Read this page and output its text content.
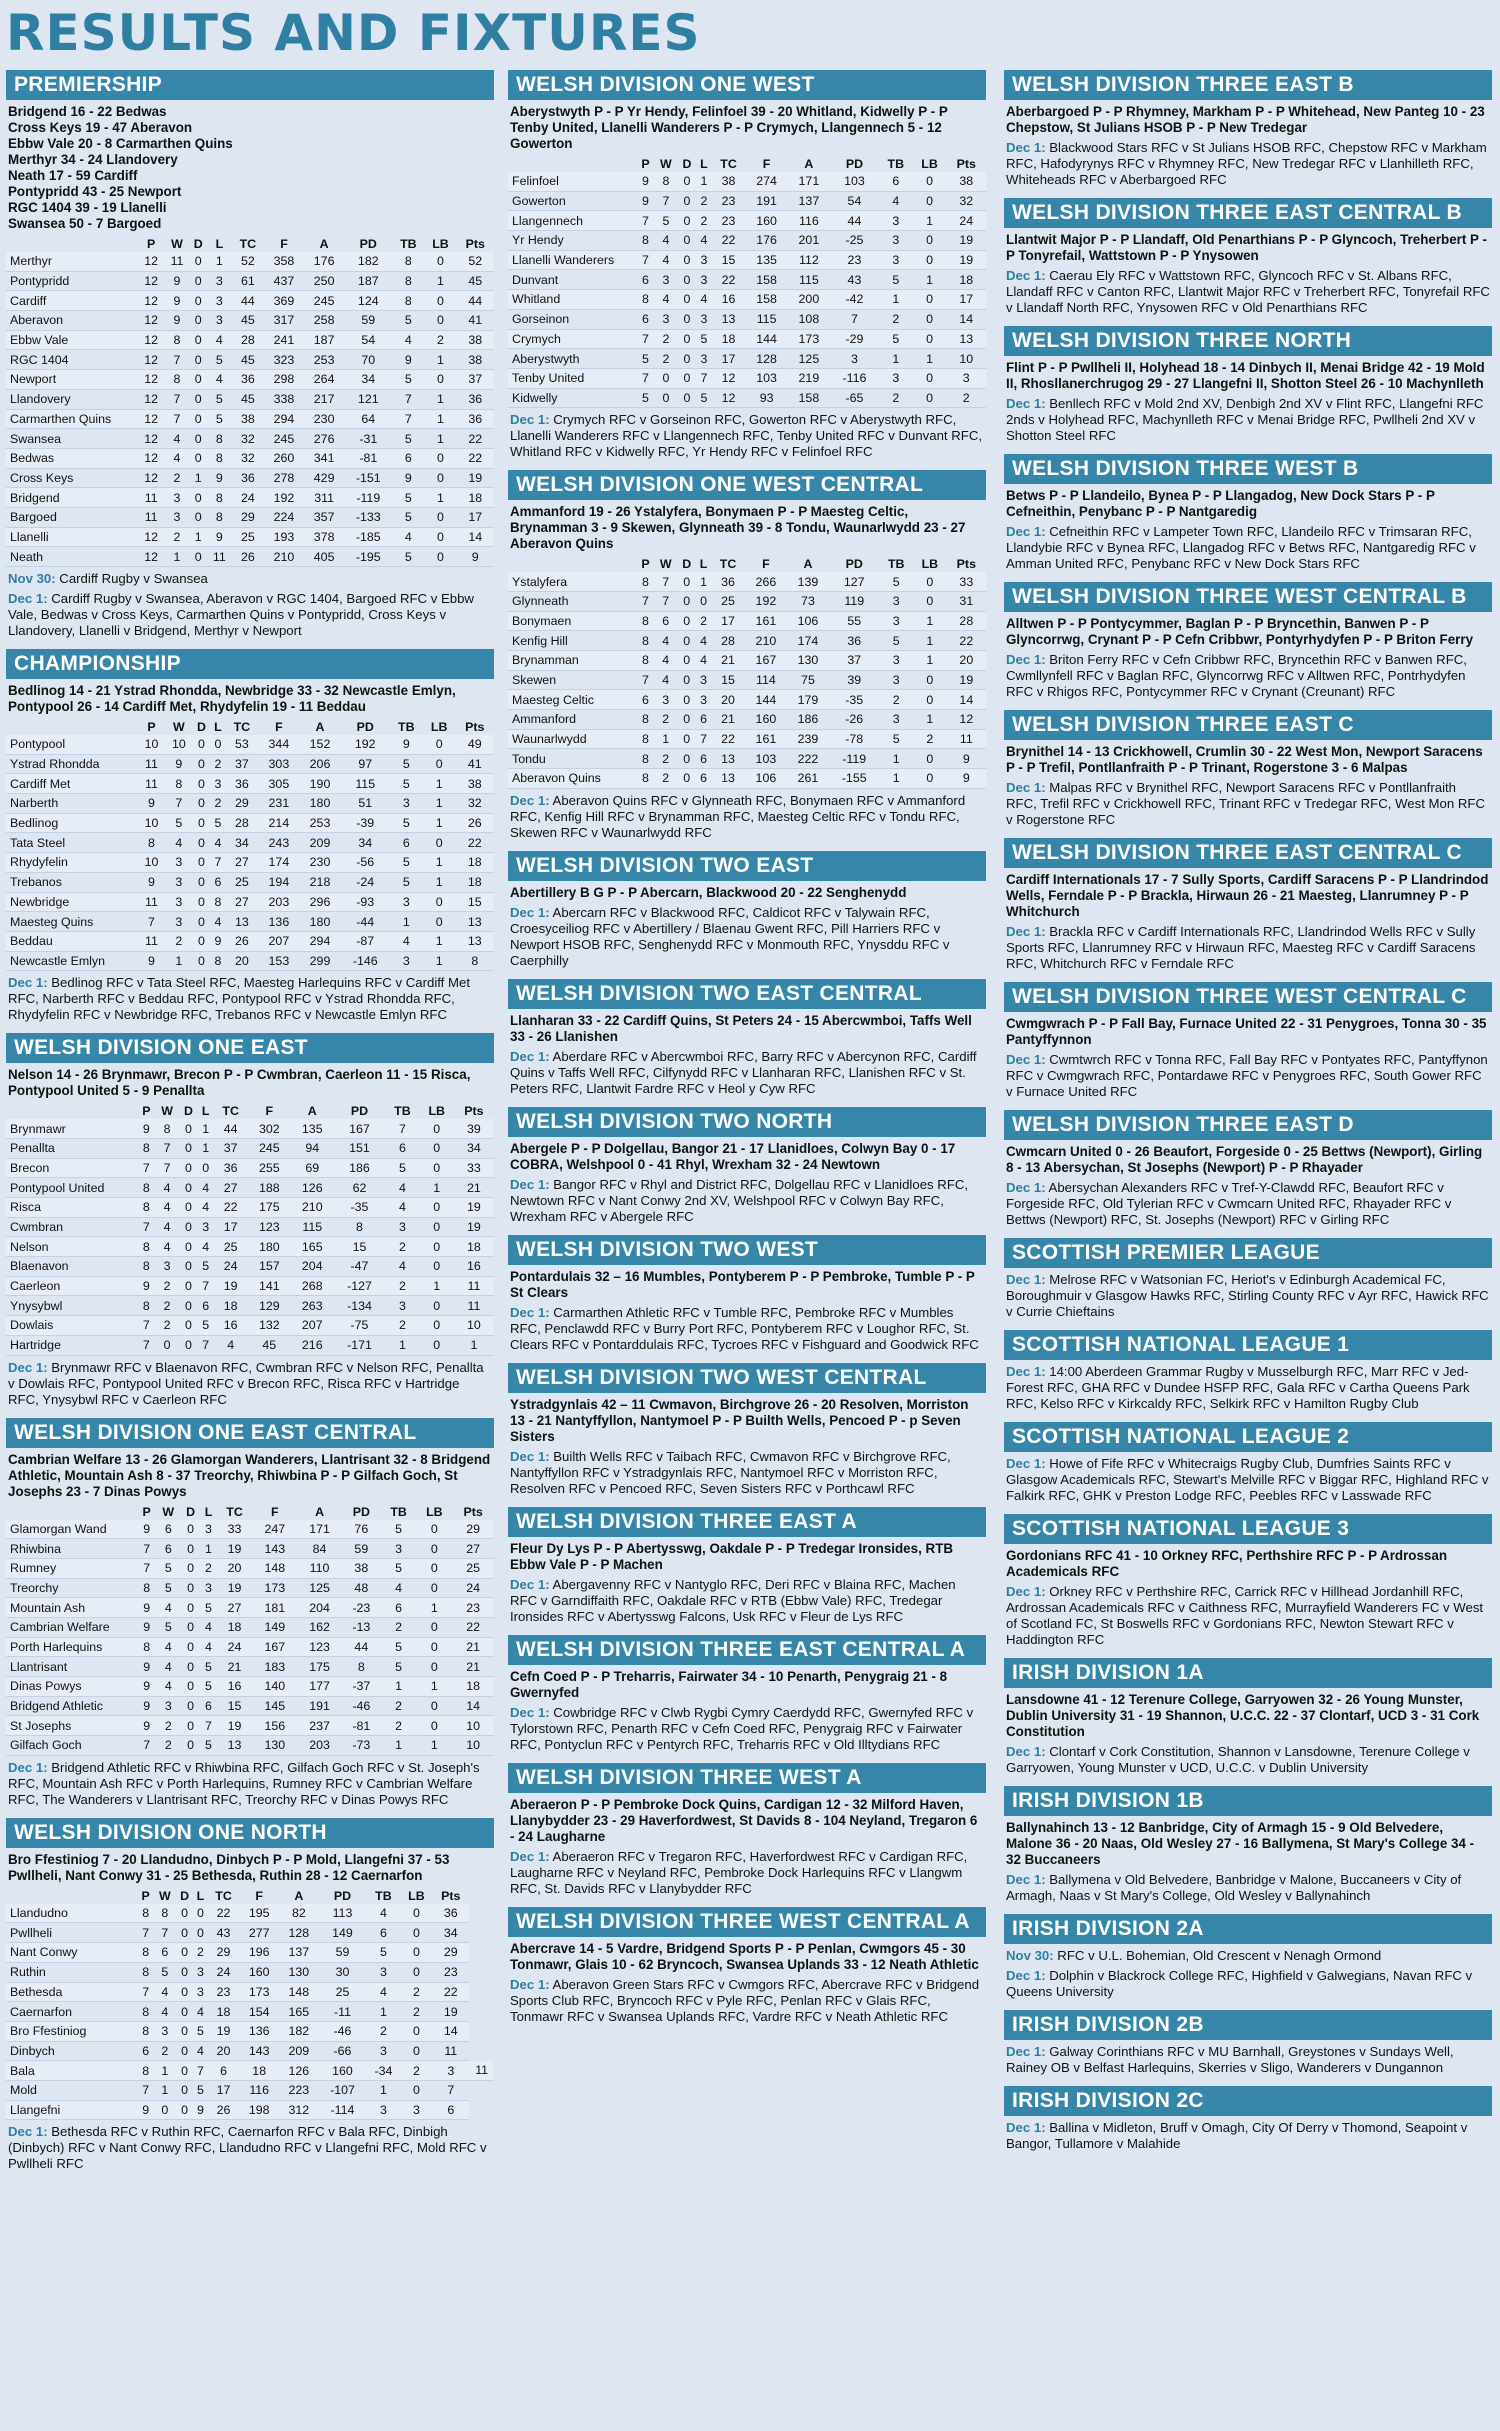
RESULTS AND FIXTURES
PREMIERSHIP
Bridgend 16 - 22 Bedwas
Cross Keys 19 - 47 Aberavon
Ebbw Vale 20 - 8 Carmarthen Quins
Merthyr 34 - 24 Llandovery
Neath 17 - 59 Cardiff
Pontypridd 43 - 25 Newport
RGC 1404 39 - 19 Llanelli
Swansea 50 - 7 Bargoed
	P	W	D	L	TC	F	A	PD	TB	LB	Pts
Merthyr	12	11	0	1	52	358	176	182	8	0	52
Pontypridd	12	9	0	3	61	437	250	187	8	1	45
Cardiff	12	9	0	3	44	369	245	124	8	0	44
Aberavon	12	9	0	3	45	317	258	59	5	0	41
Ebbw Vale	12	8	0	4	28	241	187	54	4	2	38
RGC 1404	12	7	0	5	45	323	253	70	9	1	38
Newport	12	8	0	4	36	298	264	34	5	0	37
Llandovery	12	7	0	5	45	338	217	121	7	1	36
Carmarthen Quins	12	7	0	5	38	294	230	64	7	1	36
Swansea	12	4	0	8	32	245	276	-31	5	1	22
Bedwas	12	4	0	8	32	260	341	-81	6	0	22
Cross Keys	12	2	1	9	36	278	429	-151	9	0	19
Bridgend	11	3	0	8	24	192	311	-119	5	1	18
Bargoed	11	3	0	8	29	224	357	-133	5	0	17
Llanelli	12	2	1	9	25	193	378	-185	4	0	14
Neath	12	1	0	11	26	210	405	-195	5	0	9
Nov 30: Cardiff Rugby v Swansea
Dec 1: Cardiff Rugby v Swansea, Aberavon v RGC 1404, Bargoed RFC v Ebbw Vale, Bedwas v Cross Keys, Carmarthen Quins v Pontypridd, Cross Keys v Llandovery, Llanelli v Bridgend, Merthyr v Newport
CHAMPIONSHIP
Bedlinog 14 - 21 Ystrad Rhondda, Newbridge 33 - 32 Newcastle Emlyn, Pontypool 26 - 14 Cardiff Met, Rhydyfelin 19 - 11 Beddau
	P	W	D	L	TC	F	A	PD	TB	LB	Pts
Pontypool	10	10	0	0	53	344	152	192	9	0	49
Ystrad Rhondda	11	9	0	2	37	303	206	97	5	0	41
Cardiff Met	11	8	0	3	36	305	190	115	5	1	38
Narberth	9	7	0	2	29	231	180	51	3	1	32
Bedlinog	10	5	0	5	28	214	253	-39	5	1	26
Tata Steel	8	4	0	4	34	243	209	34	6	0	22
Rhydyfelin	10	3	0	7	27	174	230	-56	5	1	18
Trebanos	9	3	0	6	25	194	218	-24	5	1	18
Newbridge	11	3	0	8	27	203	296	-93	3	0	15
Maesteg Quins	7	3	0	4	13	136	180	-44	1	0	13
Beddau	11	2	0	9	26	207	294	-87	4	1	13
Newcastle Emlyn	9	1	0	8	20	153	299	-146	3	1	8
Dec 1: Bedlinog RFC v Tata Steel RFC, Maesteg Harlequins RFC v Cardiff Met RFC, Narberth RFC v Beddau RFC, Pontypool RFC v Ystrad Rhondda RFC, Rhydyfelin RFC v Newbridge RFC, Trebanos RFC v Newcastle Emlyn RFC
WELSH DIVISION ONE EAST
Nelson 14 - 26 Brynmawr, Brecon P - P Cwmbran, Caerleon 11 - 15 Risca, Pontypool United 5 - 9 Penallta
	P	W	D	L	TC	F	A	PD	TB	LB	Pts
Brynmawr	9	8	0	1	44	302	135	167	7	0	39
Penallta	8	7	0	1	37	245	94	151	6	0	34
Brecon	7	7	0	0	36	255	69	186	5	0	33
Pontypool United	8	4	0	4	27	188	126	62	4	1	21
Risca	8	4	0	4	22	175	210	-35	4	0	19
Cwmbran	7	4	0	3	17	123	115	8	3	0	19
Nelson	8	4	0	4	25	180	165	15	2	0	18
Blaenavon	8	3	0	5	24	157	204	-47	4	0	16
Caerleon	9	2	0	7	19	141	268	-127	2	1	11
Ynysybwl	8	2	0	6	18	129	263	-134	3	0	11
Dowlais	7	2	0	5	16	132	207	-75	2	0	10
Hartridge	7	0	0	7	4	45	216	-171	1	0	1
Dec 1: Brynmawr RFC v Blaenavon RFC, Cwmbran RFC v Nelson RFC, Penallta v Dowlais RFC, Pontypool United RFC v Brecon RFC, Risca RFC v Hartridge RFC, Ynysybwl RFC v Caerleon RFC
WELSH DIVISION ONE EAST CENTRAL
Cambrian Welfare 13 - 26 Glamorgan Wanderers, Llantrisant 32 - 8 Bridgend Athletic, Mountain Ash 8 - 37 Treorchy, Rhiwbina P - P Gilfach Goch, St Josephs 23 - 7 Dinas Powys
	P	W	D	L	TC	F	A	PD	TB	LB	Pts
Glamorgan Wand	9	6	0	3	33	247	171	76	5	0	29
Rhiwbina	7	6	0	1	19	143	84	59	3	0	27
Rumney	7	5	0	2	20	148	110	38	5	0	25
Treorchy	8	5	0	3	19	173	125	48	4	0	24
Mountain Ash	9	4	0	5	27	181	204	-23	6	1	23
Cambrian Welfare	9	5	0	4	18	149	162	-13	2	0	22
Porth Harlequins	8	4	0	4	24	167	123	44	5	0	21
Llantrisant	9	4	0	5	21	183	175	8	5	0	21
Dinas Powys	9	4	0	5	16	140	177	-37	1	1	18
Bridgend Athletic	9	3	0	6	15	145	191	-46	2	0	14
St Josephs	9	2	0	7	19	156	237	-81	2	0	10
Gilfach Goch	7	2	0	5	13	130	203	-73	1	1	10
Dec 1: Bridgend Athletic RFC v Rhiwbina RFC, Gilfach Goch RFC v St. Joseph's RFC, Mountain Ash RFC v Porth Harlequins, Rumney RFC v Cambrian Welfare RFC, The Wanderers v Llantrisant RFC, Treorchy RFC v Dinas Powys RFC
WELSH DIVISION ONE NORTH
Bro Ffestiniog 7 - 20 Llandudno, Dinbych P - P Mold, Llangefni 37 - 53 Pwllheli, Nant Conwy 31 - 25 Bethesda, Ruthin 28 - 12 Caernarfon
	P	W	D	L	TC	F	A	PD	TB	LB	Pts	
Llandudno	8	8	0	0	22	195	82	113	4	0	36	
Pwllheli	7	7	0	0	43	277	128	149	6	0	34	
Nant Conwy	8	6	0	2	29	196	137	59	5	0	29	
Ruthin	8	5	0	3	24	160	130	30	3	0	23	
Bethesda	7	4	0	3	23	173	148	25	4	2	22	
Caernarfon	8	4	0	4	18	154	165	-11	1	2	19	
Bro Ffestiniog	8	3	0	5	19	136	182	-46	2	0	14	
Dinbych	6	2	0	4	20	143	209	-66	3	0	11	
Bala	8	1	0	7	6	18	126	160	-34	2	3	11
Mold	7	1	0	5	17	116	223	-107	1	0	7	
Llangefni	9	0	0	9	26	198	312	-114	3	3	6	
Dec 1: Bethesda RFC v Ruthin RFC, Caernarfon RFC v Bala RFC, Dinbigh (Dinbych) RFC v Nant Conwy RFC, Llandudno RFC v Llangefni RFC, Mold RFC v Pwllheli RFC
WELSH DIVISION ONE WEST
Aberystwyth P - P Yr Hendy, Felinfoel 39 - 20 Whitland, Kidwelly P - P Tenby United, Llanelli Wanderers P - P Crymych, Llangennech 5 - 12 Gowerton
	P	W	D	L	TC	F	A	PD	TB	LB	Pts
Felinfoel	9	8	0	1	38	274	171	103	6	0	38
Gowerton	9	7	0	2	23	191	137	54	4	0	32
Llangennech	7	5	0	2	23	160	116	44	3	1	24
Yr Hendy	8	4	0	4	22	176	201	-25	3	0	19
Llanelli Wanderers	7	4	0	3	15	135	112	23	3	0	19
Dunvant	6	3	0	3	22	158	115	43	5	1	18
Whitland	8	4	0	4	16	158	200	-42	1	0	17
Gorseinon	6	3	0	3	13	115	108	7	2	0	14
Crymych	7	2	0	5	18	144	173	-29	5	0	13
Aberystwyth	5	2	0	3	17	128	125	3	1	1	10
Tenby United	7	0	0	7	12	103	219	-116	3	0	3
Kidwelly	5	0	0	5	12	93	158	-65	2	0	2
Dec 1: Crymych RFC v Gorseinon RFC, Gowerton RFC v Aberystwyth RFC, Llanelli Wanderers RFC v Llangennech RFC, Tenby United RFC v Dunvant RFC, Whitland RFC v Kidwelly RFC, Yr Hendy RFC v Felinfoel RFC
WELSH DIVISION ONE WEST CENTRAL
Ammanford 19 - 26 Ystalyfera, Bonymaen P - P Maesteg Celtic, Brynamman 3 - 9 Skewen, Glynneath 39 - 8 Tondu, Waunarlwydd 23 - 27 Aberavon Quins
	P	W	D	L	TC	F	A	PD	TB	LB	Pts
Ystalyfera	8	7	0	1	36	266	139	127	5	0	33
Glynneath	7	7	0	0	25	192	73	119	3	0	31
Bonymaen	8	6	0	2	17	161	106	55	3	1	28
Kenfig Hill	8	4	0	4	28	210	174	36	5	1	22
Brynamman	8	4	0	4	21	167	130	37	3	1	20
Skewen	7	4	0	3	15	114	75	39	3	0	19
Maesteg Celtic	6	3	0	3	20	144	179	-35	2	0	14
Ammanford	8	2	0	6	21	160	186	-26	3	1	12
Waunarlwydd	8	1	0	7	22	161	239	-78	5	2	11
Tondu	8	2	0	6	13	103	222	-119	1	0	9
Aberavon Quins	8	2	0	6	13	106	261	-155	1	0	9
Dec 1: Aberavon Quins RFC v Glynneath RFC, Bonymaen RFC v Ammanford RFC, Kenfig Hill RFC v Brynamman RFC, Maesteg Celtic RFC v Tondu RFC, Skewen RFC v Waunarlwydd RFC
WELSH DIVISION TWO EAST
Abertillery B G P - P Abercarn, Blackwood 20 - 22 Senghenydd
Dec 1: Abercarn RFC v Blackwood RFC, Caldicot RFC v Talywain RFC, Croesyceiliog RFC v Abertillery / Blaenau Gwent RFC, Pill Harriers RFC v Newport HSOB RFC, Senghenydd RFC v Monmouth RFC, Ynysddu RFC v Caerphilly
WELSH DIVISION TWO EAST CENTRAL
Llanharan 33 - 22 Cardiff Quins, St Peters 24 - 15 Abercwmboi, Taffs Well 33 - 26 Llanishen
Dec 1: Aberdare RFC v Abercwmboi RFC, Barry RFC v Abercynon RFC, Cardiff Quins v Taffs Well RFC, Cilfynydd RFC v Llanharan RFC, Llanishen RFC v St. Peters RFC, Llantwit Fardre RFC v Heol y Cyw RFC
WELSH DIVISION TWO NORTH
Abergele P - P Dolgellau, Bangor 21 - 17 Llanidloes, Colwyn Bay 0 - 17 COBRA, Welshpool 0 - 41 Rhyl, Wrexham 32 - 24 Newtown
Dec 1: Bangor RFC v Rhyl and District RFC, Dolgellau RFC v Llanidloes RFC, Newtown RFC v Nant Conwy 2nd XV, Welshpool RFC v Colwyn Bay RFC, Wrexham RFC v Abergele RFC
WELSH DIVISION TWO WEST
Pontardulais 32 – 16 Mumbles, Pontyberem P - P Pembroke, Tumble P - P St Clears
Dec 1: Carmarthen Athletic RFC v Tumble RFC, Pembroke RFC v Mumbles RFC, Penclawdd RFC v Burry Port RFC, Pontyberem RFC v Loughor RFC, St. Clears RFC v Pontarddulais RFC, Tycroes RFC v Fishguard and Goodwick RFC
WELSH DIVISION TWO WEST CENTRAL
Ystradgynlais 42 – 11 Cwmavon, Birchgrove 26 - 20 Resolven, Morriston 13 - 21 Nantyffyllon, Nantymoel P - P Builth Wells, Pencoed P - p Seven Sisters
Dec 1: Builth Wells RFC v Taibach RFC, Cwmavon RFC v Birchgrove RFC, Nantyffyllon RFC v Ystradgynlais RFC, Nantymoel RFC v Morriston RFC, Resolven RFC v Pencoed RFC, Seven Sisters RFC v Porthcawl RFC
WELSH DIVISION THREE EAST A
Fleur Dy Lys P - P Abertysswg, Oakdale P - P Tredegar Ironsides, RTB Ebbw Vale P - P Machen
Dec 1: Abergavenny RFC v Nantyglo RFC, Deri RFC v Blaina RFC, Machen RFC v Garndiffaith RFC, Oakdale RFC v RTB (Ebbw Vale) RFC, Tredegar Ironsides RFC v Abertysswg Falcons, Usk RFC v Fleur de Lys RFC
WELSH DIVISION THREE EAST CENTRAL A
Cefn Coed P - P Treharris, Fairwater 34 - 10 Penarth, Penygraig 21 - 8 Gwernyfed
Dec 1: Cowbridge RFC v Clwb Rygbi Cymry Caerdydd RFC, Gwernyfed RFC v Tylorstown RFC, Penarth RFC v Cefn Coed RFC, Penygraig RFC v Fairwater RFC, Pontyclun RFC v Pentyrch RFC, Treharris RFC v Old Illtydians RFC
WELSH DIVISION THREE WEST A
Aberaeron P - P Pembroke Dock Quins, Cardigan 12 - 32 Milford Haven, Llanybydder 23 - 29 Haverfordwest, St Davids 8 - 104 Neyland, Tregaron 6 - 24 Laugharne
Dec 1: Aberaeron RFC v Tregaron RFC, Haverfordwest RFC v Cardigan RFC, Laugharne RFC v Neyland RFC, Pembroke Dock Harlequins RFC v Llangwm RFC, St. Davids RFC v Llanybydder RFC
WELSH DIVISION THREE WEST CENTRAL A
Abercrave 14 - 5 Vardre, Bridgend Sports P - P Penlan, Cwmgors 45 - 30 Tonmawr, Glais 10 - 62 Bryncoch, Swansea Uplands 33 - 12 Neath Athletic
Dec 1: Aberavon Green Stars RFC v Cwmgors RFC, Abercrave RFC v Bridgend Sports Club RFC, Bryncoch RFC v Pyle RFC, Penlan RFC v Glais RFC, Tonmawr RFC v Swansea Uplands RFC, Vardre RFC v Neath Athletic RFC
WELSH DIVISION THREE EAST B
Aberbargoed P - P Rhymney, Markham P - P Whitehead, New Panteg 10 - 23 Chepstow, St Julians HSOB P - P New Tredegar
Dec 1: Blackwood Stars RFC v St Julians HSOB RFC, Chepstow RFC v Markham RFC, Hafodyrynys RFC v Rhymney RFC, New Tredegar RFC v Llanhilleth RFC, Whiteheads RFC v Aberbargoed RFC
WELSH DIVISION THREE EAST CENTRAL B
Llantwit Major P - P Llandaff, Old Penarthians P - P Glyncoch, Treherbert P - P Tonyrefail, Wattstown P - P Ynysowen
Dec 1: Caerau Ely RFC v Wattstown RFC, Glyncoch RFC v St. Albans RFC, Llandaff RFC v Canton RFC, Llantwit Major RFC v Treherbert RFC, Tonyrefail RFC v Llandaff North RFC, Ynysowen RFC v Old Penarthians RFC
WELSH DIVISION THREE NORTH
Flint P - P Pwllheli II, Holyhead 18 - 14 Dinbych II, Menai Bridge 42 - 19 Mold II, Rhosllanerchrugog 29 - 27 Llangefni II, Shotton Steel 26 - 10 Machynlleth
Dec 1: Benllech RFC v Mold 2nd XV, Denbigh 2nd XV v Flint RFC, Llangefni RFC 2nds v Holyhead RFC, Machynlleth RFC v Menai Bridge RFC, Pwllheli 2nd XV v Shotton Steel RFC
WELSH DIVISION THREE WEST B
Betws P - P Llandeilo, Bynea P - P Llangadog, New Dock Stars P - P Cefneithin, Penybanc P - P Nantgaredig
Dec 1: Cefneithin RFC v Lampeter Town RFC, Llandeilo RFC v Trimsaran RFC, Llandybie RFC v Bynea RFC, Llangadog RFC v Betws RFC, Nantgaredig RFC v Amman United RFC, Penybanc RFC v New Dock Stars RFC
WELSH DIVISION THREE WEST CENTRAL B
Alltwen P - P Pontycymmer, Baglan P - P Bryncethin, Banwen P - P Glyncorrwg, Crynant P - P Cefn Cribbwr, Pontyrhydyfen P - P Briton Ferry
Dec 1: Briton Ferry RFC v Cefn Cribbwr RFC, Bryncethin RFC v Banwen RFC, Cwmllynfell RFC v Baglan RFC, Glyncorrwg RFC v Alltwen RFC, Pontrhydyfen RFC v Rhigos RFC, Pontycymmer RFC v Crynant (Creunant) RFC
WELSH DIVISION THREE EAST C
Brynithel 14 - 13 Crickhowell, Crumlin 30 - 22 West Mon, Newport Saracens P - P Trefil, Pontllanfraith P - P Trinant, Rogerstone 3 - 6 Malpas
Dec 1: Malpas RFC v Brynithel RFC, Newport Saracens RFC v Pontllanfraith RFC, Trefil RFC v Crickhowell RFC, Trinant RFC v Tredegar RFC, West Mon RFC v Rogerstone RFC
WELSH DIVISION THREE EAST CENTRAL C
Cardiff Internationals 17 - 7 Sully Sports, Cardiff Saracens P - P Llandrindod Wells, Ferndale P - P Brackla, Hirwaun 26 - 21 Maesteg, Llanrumney P - P Whitchurch
Dec 1: Brackla RFC v Cardiff Internationals RFC, Llandrindod Wells RFC v Sully Sports RFC, Llanrumney RFC v Hirwaun RFC, Maesteg RFC v Cardiff Saracens RFC, Whitchurch RFC v Ferndale RFC
WELSH DIVISION THREE WEST CENTRAL C
Cwmgwrach P - P Fall Bay, Furnace United 22 - 31 Penygroes, Tonna 30 - 35 Pantyffynnon
Dec 1: Cwmtwrch RFC v Tonna RFC, Fall Bay RFC v Pontyates RFC, Pantyffynon RFC v Cwmgwrach RFC, Pontardawe RFC v Penygroes RFC, South Gower RFC v Furnace United RFC
WELSH DIVISION THREE EAST D
Cwmcarn United 0 - 26 Beaufort, Forgeside 0 - 25 Bettws (Newport), Girling 8 - 13 Abersychan, St Josephs (Newport) P - P Rhayader
Dec 1: Abersychan Alexanders RFC v Tref-Y-Clawdd RFC, Beaufort RFC v Forgeside RFC, Old Tylerian RFC v Cwmcarn United RFC, Rhayader RFC v Bettws (Newport) RFC, St. Josephs (Newport) RFC v Girling RFC
SCOTTISH PREMIER LEAGUE
Dec 1: Melrose RFC v Watsonian FC, Heriot's v Edinburgh Academical FC, Boroughmuir v Glasgow Hawks RFC, Stirling County RFC v Ayr RFC, Hawick RFC v Currie Chieftains
SCOTTISH NATIONAL LEAGUE 1
Dec 1: 14:00 Aberdeen Grammar Rugby v Musselburgh RFC, Marr RFC v Jed-Forest RFC, GHA RFC v Dundee HSFP RFC, Gala RFC v Cartha Queens Park RFC, Kelso RFC v Kirkcaldy RFC, Selkirk RFC v Hamilton Rugby Club
SCOTTISH NATIONAL LEAGUE 2
Dec 1: Howe of Fife RFC v Whitecraigs Rugby Club, Dumfries Saints RFC v Glasgow Academicals RFC, Stewart's Melville RFC v Biggar RFC, Highland RFC v Falkirk RFC, GHK v Preston Lodge RFC, Peebles RFC v Lasswade RFC
SCOTTISH NATIONAL LEAGUE 3
Gordonians RFC 41 - 10 Orkney RFC, Perthshire RFC P - P Ardrossan Academicals RFC
Dec 1: Orkney RFC v Perthshire RFC, Carrick RFC v Hillhead Jordanhill RFC, Ardrossan Academicals RFC v Caithness RFC, Murrayfield Wanderers FC v West of Scotland FC, St Boswells RFC v Gordonians RFC, Newton Stewart RFC v Haddington RFC
IRISH DIVISION 1A
Lansdowne 41 - 12 Terenure College, Garryowen 32 - 26 Young Munster, Dublin University 31 - 19 Shannon, U.C.C. 22 - 37 Clontarf, UCD 3 - 31 Cork Constitution
Dec 1: Clontarf v Cork Constitution, Shannon v Lansdowne, Terenure College v Garryowen, Young Munster v UCD, U.C.C. v Dublin University
IRISH DIVISION 1B
Ballynahinch 13 - 12 Banbridge, City of Armagh 15 - 9 Old Belvedere, Malone 36 - 20 Naas, Old Wesley 27 - 16 Ballymena, St Mary's College 34 - 32 Buccaneers
Dec 1: Ballymena v Old Belvedere, Banbridge v Malone, Buccaneers v City of Armagh, Naas v St Mary's College, Old Wesley v Ballynahinch
IRISH DIVISION 2A
Nov 30: RFC v U.L. Bohemian, Old Crescent v Nenagh Ormond
Dec 1: Dolphin v Blackrock College RFC, Highfield v Galwegians, Navan RFC v Queens University
IRISH DIVISION 2B
Dec 1: Galway Corinthians RFC v MU Barnhall, Greystones v Sundays Well, Rainey OB v Belfast Harlequins, Skerries v Sligo, Wanderers v Dungannon
IRISH DIVISION 2C
Dec 1: Ballina v Midleton, Bruff v Omagh, City Of Derry v Thomond, Seapoint v Bangor, Tullamore v Malahide
